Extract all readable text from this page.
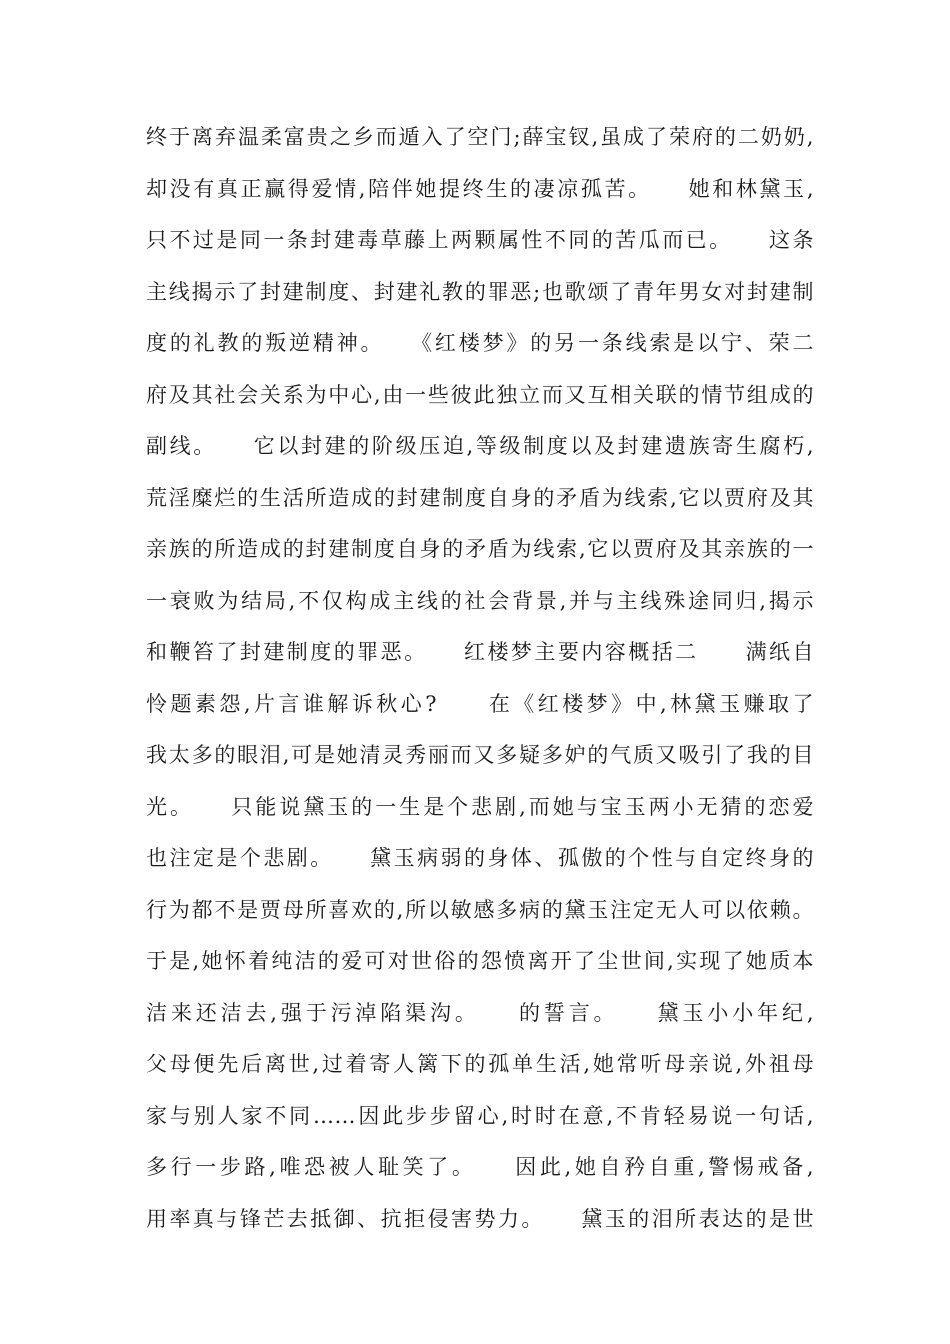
终于离弃温柔富贵之乡而遁入了空门;薛宝钗,虽成了荣府的二奶奶,
却没有真正赢得爱情,陪伴她提终生的凄凉孤苦。　　她和林黛玉,
只不过是同一条封建毒草藤上两颗属性不同的苦瓜而已。　　这条
主线揭示了封建制度、封建礼教的罪恶;也歌颂了青年男女对封建制
度的礼教的叛逆精神。　　《红楼梦》的另一条线索是以宁、荣二
府及其社会关系为中心,由一些彼此独立而又互相关联的情节组成的
副线。　　它以封建的阶级压迫,等级制度以及封建遗族寄生腐朽,
荒淫糜烂的生活所造成的封建制度自身的矛盾为线索,它以贾府及其
亲族的所造成的封建制度自身的矛盾为线索,它以贾府及其亲族的一
一衰败为结局,不仅构成主线的社会背景,并与主线殊途同归,揭示
和鞭笞了封建制度的罪恶。　　红楼梦主要内容概括二　　满纸自
怜题素怨,片言谁解诉秋心?　　在《红楼梦》中,林黛玉赚取了
我太多的眼泪,可是她清灵秀丽而又多疑多妒的气质又吸引了我的目
光。　　只能说黛玉的一生是个悲剧,而她与宝玉两小无猜的恋爱
也注定是个悲剧。　　黛玉病弱的身体、孤傲的个性与自定终身的
行为都不是贾母所喜欢的,所以敏感多病的黛玉注定无人可以依赖。
于是,她怀着纯洁的爱可对世俗的怨愤离开了尘世间,实现了她质本
洁来还洁去,强于污淖陷渠沟。　　的誓言。　　黛玉小小年纪,
父母便先后离世,过着寄人篱下的孤单生活,她常听母亲说,外祖母
家与别人家不同……因此步步留心,时时在意,不肯轻易说一句话,
多行一步路,唯恐被人耻笑了。　　因此,她自矜自重,警惕戒备,
用率真与锋芒去抵御、抗拒侵害势力。　　黛玉的泪所表达的是世
